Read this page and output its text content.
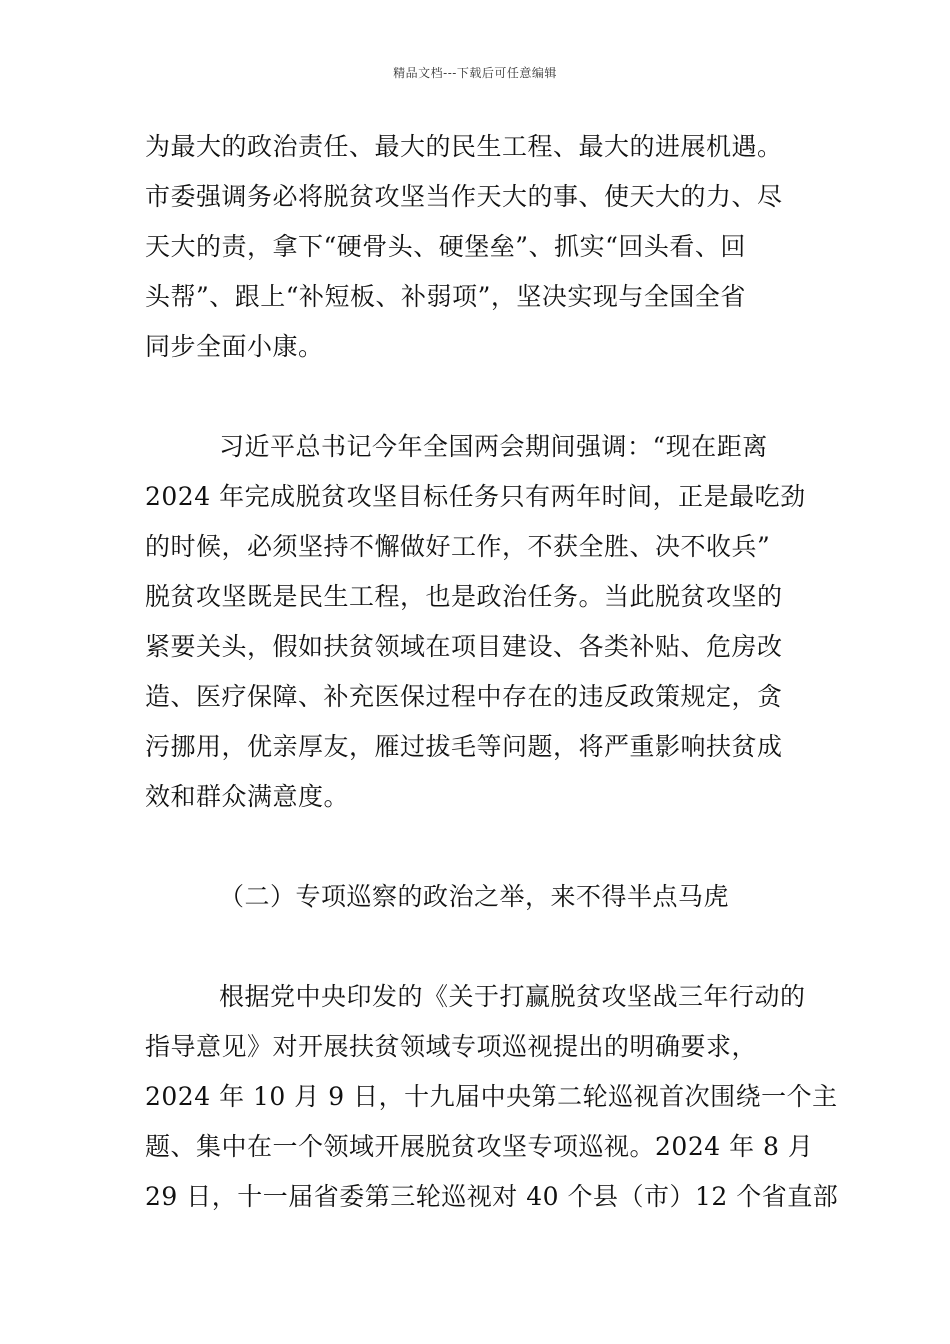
精品文档---下载后可任意编辑
为最大的政治责任、最大的民生工程、最大的进展机遇。
市委强调务必将脱贫攻坚当作天大的事、使天大的力、尽
天大的责，拿下“硬骨头、硬堡垒”、抓实“回头看、回
头帮”、跟上“补短板、补弱项”，坚决实现与全国全省
同步全面小康。
习近平总书记今年全国两会期间强调：“现在距离
2024 年完成脱贫攻坚目标任务只有两年时间，正是最吃劲
的时候，必须坚持不懈做好工作，不获全胜、决不收兵”
脱贫攻坚既是民生工程，也是政治任务。当此脱贫攻坚的
紧要关头，假如扶贫领域在项目建设、各类补贴、危房改
造、医疗保障、补充医保过程中存在的违反政策规定，贪
污挪用，优亲厚友，雁过拔毛等问题，将严重影响扶贫成
效和群众满意度。
（二）专项巡察的政治之举，来不得半点马虎
根据党中央印发的《关于打赢脱贫攻坚战三年行动的
指导意见》对开展扶贫领域专项巡视提出的明确要求，
2024 年 10 月 9 日，十九届中央第二轮巡视首次围绕一个主
题、集中在一个领域开展脱贫攻坚专项巡视。2024 年 8 月
29 日，十一届省委第三轮巡视对 40 个县（市）12 个省直部
